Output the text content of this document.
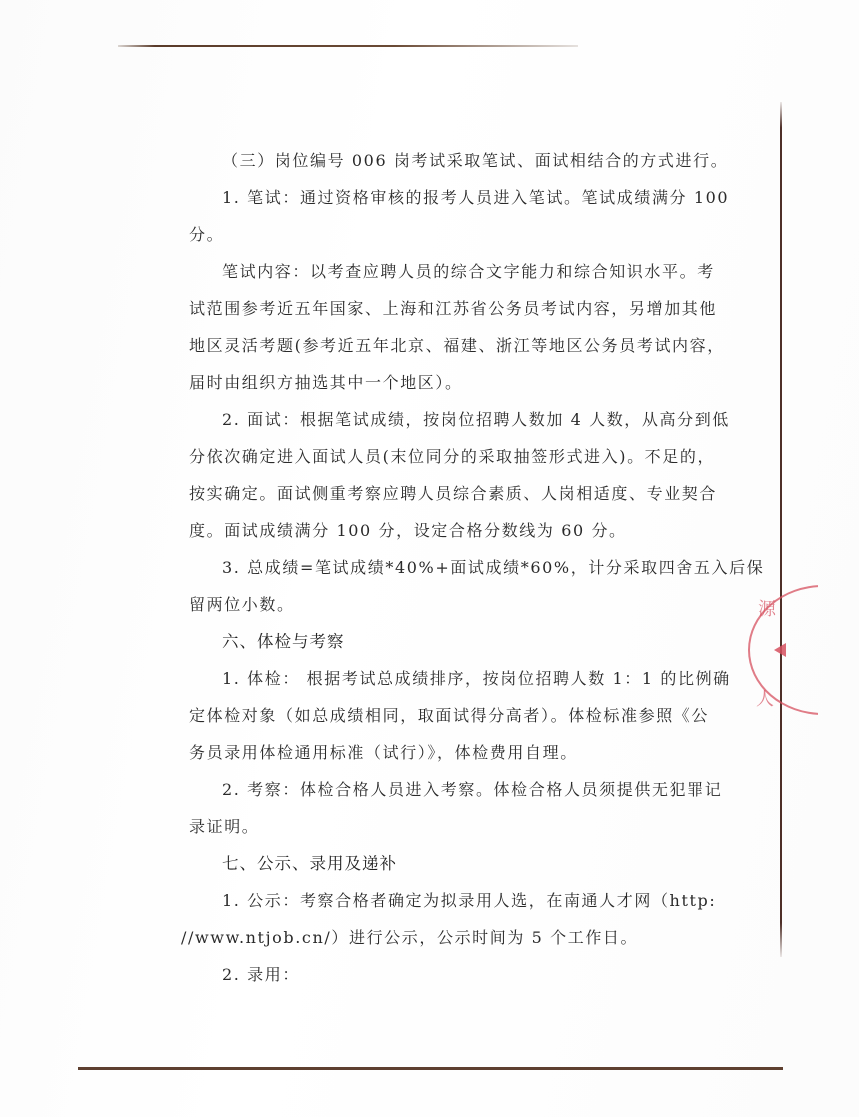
源
人
（三）岗位编号 006 岗考试采取笔试、面试相结合的方式进行。
1. 笔试：通过资格审核的报考人员进入笔试。笔试成绩满分 100
分。
笔试内容：以考查应聘人员的综合文字能力和综合知识水平。考
试范围参考近五年国家、上海和江苏省公务员考试内容，另增加其他
地区灵活考题(参考近五年北京、福建、浙江等地区公务员考试内容，
届时由组织方抽选其中一个地区）。
2. 面试：根据笔试成绩，按岗位招聘人数加 4 人数，从高分到低
分依次确定进入面试人员(末位同分的采取抽签形式进入)。不足的，
按实确定。面试侧重考察应聘人员综合素质、人岗相适度、专业契合
度。面试成绩满分 100 分，设定合格分数线为 60 分。
3. 总成绩=笔试成绩*40%+面试成绩*60%，计分采取四舍五入后保
留两位小数。
六、体检与考察
1. 体检： 根据考试总成绩排序，按岗位招聘人数 1：1 的比例确
定体检对象（如总成绩相同，取面试得分高者）。体检标准参照《公
务员录用体检通用标准（试行）》，体检费用自理。
2. 考察：体检合格人员进入考察。体检合格人员须提供无犯罪记
录证明。
七、公示、录用及递补
1. 公示：考察合格者确定为拟录用人选，在南通人才网（http:
//www.ntjob.cn/）进行公示，公示时间为 5 个工作日。
2. 录用：
